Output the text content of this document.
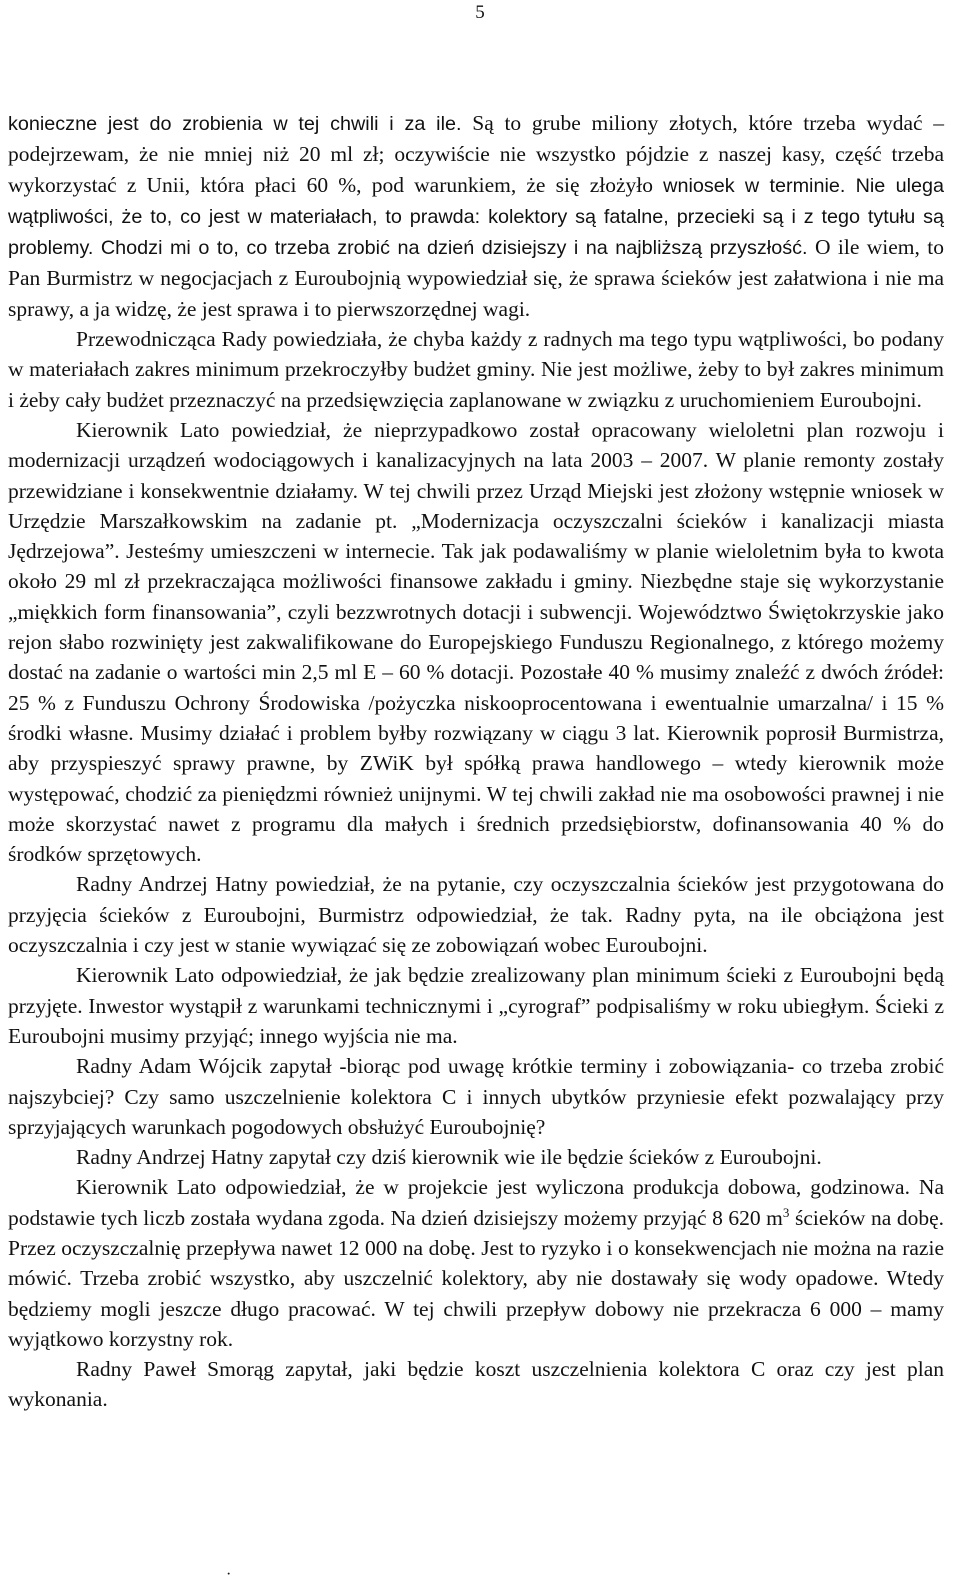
5

konieczne jest do zrobienia w tej chwili i za ile. Są to grube miliony złotych, które trzeba wydać – podejrzewam, że nie mniej niż 20 ml zł; oczywiście nie wszystko pójdzie z naszej kasy, część trzeba wykorzystać z Unii, która płaci 60 %, pod warunkiem, że się złożyło wniosek w terminie. Nie ulega wątpliwości, że to, co jest w materiałach, to prawda: kolektory są fatalne, przecieki są i z tego tytułu są problemy. Chodzi mi o to, co trzeba zrobić na dzień dzisiejszy i na najbliższą przyszłość. O ile wiem, to Pan Burmistrz w negocjacjach z Euroubojnią wypowiedział się, że sprawa ścieków jest załatwiona i nie ma sprawy, a ja widzę, że jest sprawa i to pierwszorzędnej wagi.

Przewodnicząca Rady powiedziała, że chyba każdy z radnych ma tego typu wątpliwości, bo podany w materiałach zakres minimum przekroczyłby budżet gminy. Nie jest możliwe, żeby to był zakres minimum i żeby cały budżet przeznaczyć na przedsięwzięcia zaplanowane w związku z uruchomieniem Euroubojni.

Kierownik Lato powiedział, że nieprzypadkowo został opracowany wieloletni plan rozwoju i modernizacji urządzeń wodociągowych i kanalizacyjnych na lata 2003 – 2007. W planie remonty zostały przewidziane i konsekwentnie działamy. W tej chwili przez Urząd Miejski jest złożony wstępnie wniosek w Urzędzie Marszałkowskim na zadanie pt. „Modernizacja oczyszczalni ścieków i kanalizacji miasta Jędrzejowa”. Jesteśmy umieszczeni w internecie. Tak jak podawaliśmy w planie wieloletnim była to kwota około 29 ml zł przekraczająca możliwości finansowe zakładu i gminy. Niezbędne staje się wykorzystanie „miękkich form finansowania”, czyli bezzwrotnych dotacji i subwencji. Województwo Świętokrzyskie jako rejon słabo rozwinięty jest zakwalifikowane do Europejskiego Funduszu Regionalnego, z którego możemy dostać na zadanie o wartości min 2,5 ml E – 60 % dotacji. Pozostałe 40 % musimy znaleźć z dwóch źródeł: 25 % z Funduszu Ochrony Środowiska /pożyczka niskooprocentowana i ewentualnie umarzalna/ i 15 % środki własne. Musimy działać i problem byłby rozwiązany w ciągu 3 lat. Kierownik poprosił Burmistrza, aby przyspieszyć sprawy prawne, by ZWiK był spółką prawa handlowego – wtedy kierownik może występować, chodzić za pieniędzmi również unijnymi. W tej chwili zakład nie ma osobowości prawnej i nie może skorzystać nawet z programu dla małych i średnich przedsiębiorstw, dofinansowania 40 % do środków sprzętowych.

Radny Andrzej Hatny powiedział, że na pytanie, czy oczyszczalnia ścieków jest przygotowana do przyjęcia ścieków z Euroubojni, Burmistrz odpowiedział, że tak. Radny pyta, na ile obciążona jest oczyszczalnia i czy jest w stanie wywiązać się ze zobowiązań wobec Euroubojni.

Kierownik Lato odpowiedział, że jak będzie zrealizowany plan minimum ścieki z Euroubojni będą przyjęte. Inwestor wystąpił z warunkami technicznymi i „cyrograf” podpisaliśmy w roku ubiegłym. Ścieki z Euroubojni musimy przyjąć; innego wyjścia nie ma.

Radny Adam Wójcik zapytał -biorąc pod uwagę krótkie terminy i zobowiązania- co trzeba zrobić najszybciej? Czy samo uszczelnienie kolektora C i innych ubytków przyniesie efekt pozwalający przy sprzyjających warunkach pogodowych obsłużyć Euroubojnię?

Radny Andrzej Hatny zapytał czy dziś kierownik wie ile będzie ścieków z Euroubojni.

Kierownik Lato odpowiedział, że w projekcie jest wyliczona produkcja dobowa, godzinowa. Na podstawie tych liczb została wydana zgoda. Na dzień dzisiejszy możemy przyjąć 8 620 $m^3$ ścieków na dobę. Przez oczyszczalnię przepływa nawet 12 000 na dobę. Jest to ryzyko i o konsekwencjach nie można na razie mówić. Trzeba zrobić wszystko, aby uszczelnić kolektory, aby nie dostawały się wody opadowe. Wtedy będziemy mogli jeszcze długo pracować. W tej chwili przepływ dobowy nie przekracza 6 000 – mamy wyjątkowo korzystny rok.

Radny Paweł Smorąg zapytał, jaki będzie koszt uszczelnienia kolektora C oraz czy jest plan wykonania.

·
